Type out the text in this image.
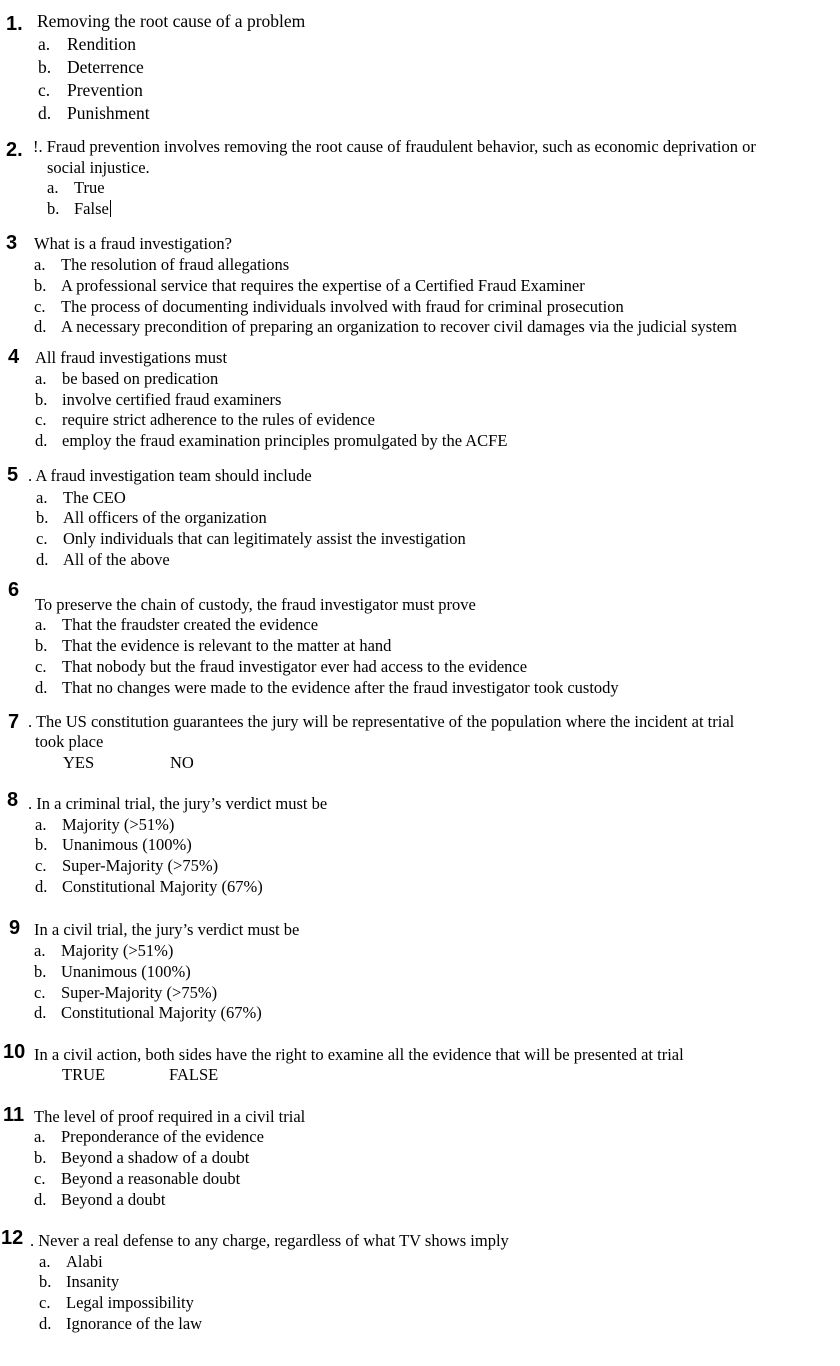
1. Removing the root cause of a problem
a. Rendition
b. Deterrence
c. Prevention
d. Punishment
2. !. Fraud prevention involves removing the root cause of fraudulent behavior, such as economic deprivation or
social injustice.
a. True
b. False
3 What is a fraud investigation?
a. The resolution of fraud allegations
b. A professional service that requires the expertise of a Certified Fraud Examiner
c. The process of documenting individuals involved with fraud for criminal prosecution
d. A necessary precondition of preparing an organization to recover civil damages via the judicial system
4 All fraud investigations must
a. be based on predication
b. involve certified fraud examiners
c. require strict adherence to the rules of evidence
d. employ the fraud examination principles promulgated by the ACFE
5 . A fraud investigation team should include
a. The CEO
b. All officers of the organization
c. Only individuals that can legitimately assist the investigation
d. All of the above
6
To preserve the chain of custody, the fraud investigator must prove
a. That the fraudster created the evidence
b. That the evidence is relevant to the matter at hand
c. That nobody but the fraud investigator ever had access to the evidence
d. That no changes were made to the evidence after the fraud investigator took custody
7 . The US constitution guarantees the jury will be representative of the population where the incident at trial
took place
YES	NO
8 . In a criminal trial, the jury’s verdict must be
a. Majority (>51%)
b. Unanimous (100%)
c. Super-Majority (>75%)
d. Constitutional Majority (67%)
9 In a civil trial, the jury’s verdict must be
a. Majority (>51%)
b. Unanimous (100%)
c. Super-Majority (>75%)
d. Constitutional Majority (67%)
10 In a civil action, both sides have the right to examine all the evidence that will be presented at trial
TRUE	FALSE
11 The level of proof required in a civil trial
a. Preponderance of the evidence
b. Beyond a shadow of a doubt
c. Beyond a reasonable doubt
d. Beyond a doubt
12 . Never a real defense to any charge, regardless of what TV shows imply
a. Alabi
b. Insanity
c. Legal impossibility
d. Ignorance of the law
